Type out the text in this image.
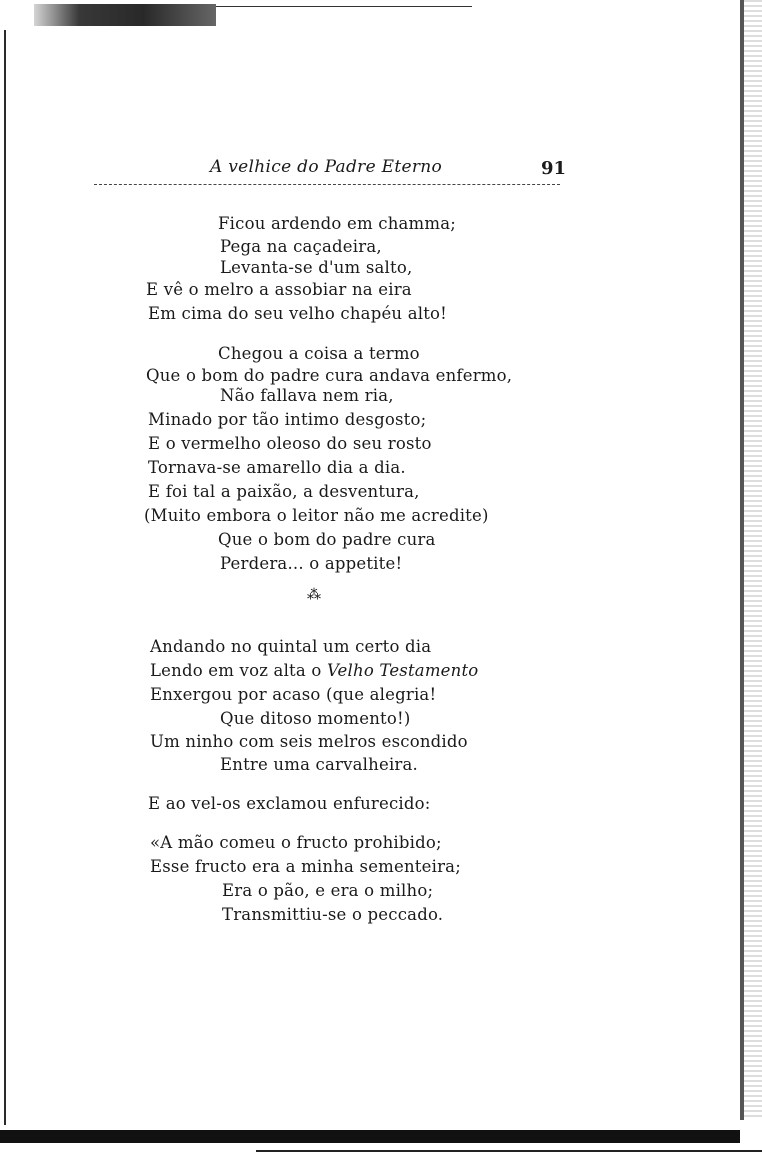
A velhice do Padre Eterno	91
Ficou ardendo em chamma;
Pega na caçadeira,
Levanta-se d'um salto,
E vê o melro a assobiar na eira
Em cima do seu velho chapéu alto!
Chegou a coisa a termo
Que o bom do padre cura andava enfermo,
Não fallava nem ria,
Minado por tão intimo desgosto;
E o vermelho oleoso do seu rosto
Tornava-se amarello dia a dia.
E foi tal a paixão, a desventura,
(Muito embora o leitor não me acredite)
Que o bom do padre cura
Perdera... o appetite!
⁂
Andando no quintal um certo dia
Lendo em voz alta o Velho Testamento
Enxergou por acaso (que alegria!
Que ditoso momento!)
Um ninho com seis melros escondido
Entre uma carvalheira.
E ao vel-os exclamou enfurecido:
«A mão comeu o fructo prohibido;
Esse fructo era a minha sementeira;
Era o pão, e era o milho;
Transmittiu-se o peccado.
